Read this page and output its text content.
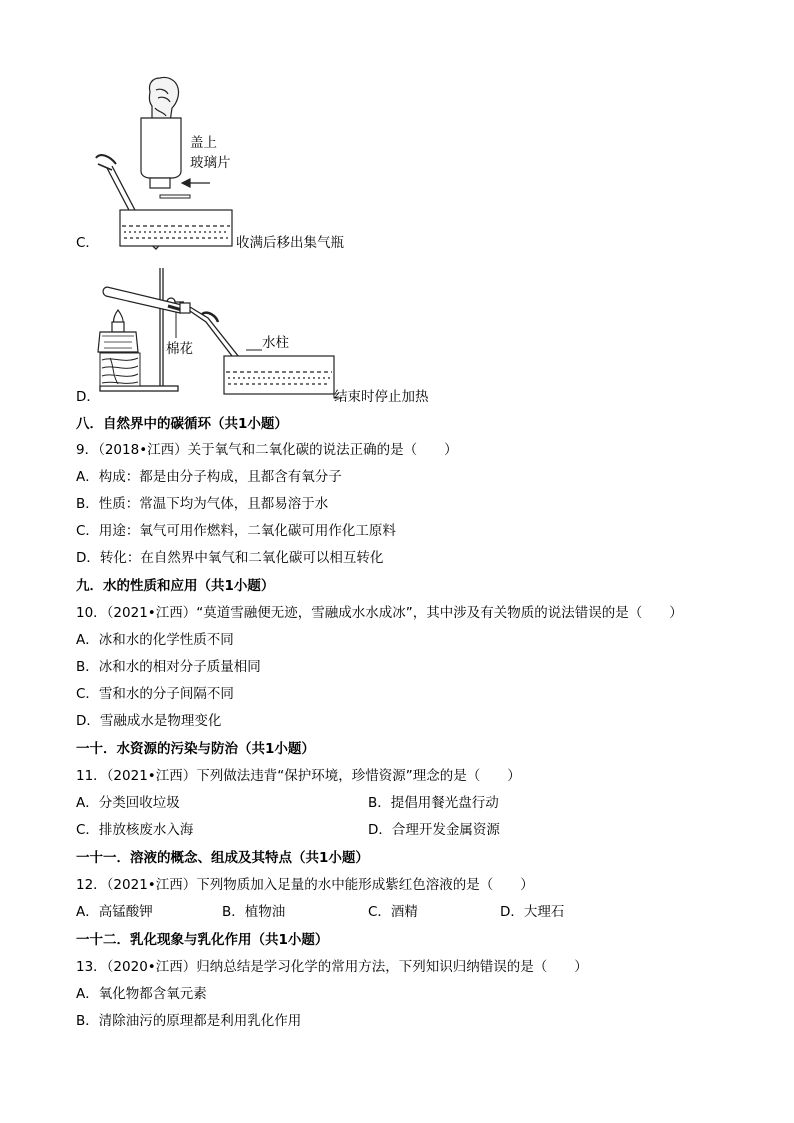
盖上
玻璃片
C．	收满后移出集气瓶
棉花	水柱
D．	结束时停止加热
八．自然界中的碳循环（共1小题）
9．（2018•江西）关于氧气和二氧化碳的说法正确的是（　　）
A．构成：都是由分子构成，且都含有氧分子
B．性质：常温下均为气体，且都易溶于水
C．用途：氧气可用作燃料，二氧化碳可用作化工原料
D．转化：在自然界中氧气和二氧化碳可以相互转化
九．水的性质和应用（共1小题）
10．（2021•江西）“莫道雪融便无迹，雪融成水水成冰”，其中涉及有关物质的说法错误的是（　　）
A．冰和水的化学性质不同
B．冰和水的相对分子质量相同
C．雪和水的分子间隔不同
D．雪融成水是物理变化
一十．水资源的污染与防治（共1小题）
11．（2021•江西）下列做法违背“保护环境，珍惜资源”理念的是（　　）
A．分类回收垃圾	B．提倡用餐光盘行动
C．排放核废水入海	D．合理开发金属资源
一十一．溶液的概念、组成及其特点（共1小题）
12．（2021•江西）下列物质加入足量的水中能形成紫红色溶液的是（　　）
A．高锰酸钾	B．植物油	C．酒精	D．大理石
一十二．乳化现象与乳化作用（共1小题）
13．（2020•江西）归纳总结是学习化学的常用方法，下列知识归纳错误的是（　　）
A．氧化物都含氧元素
B．清除油污的原理都是利用乳化作用
